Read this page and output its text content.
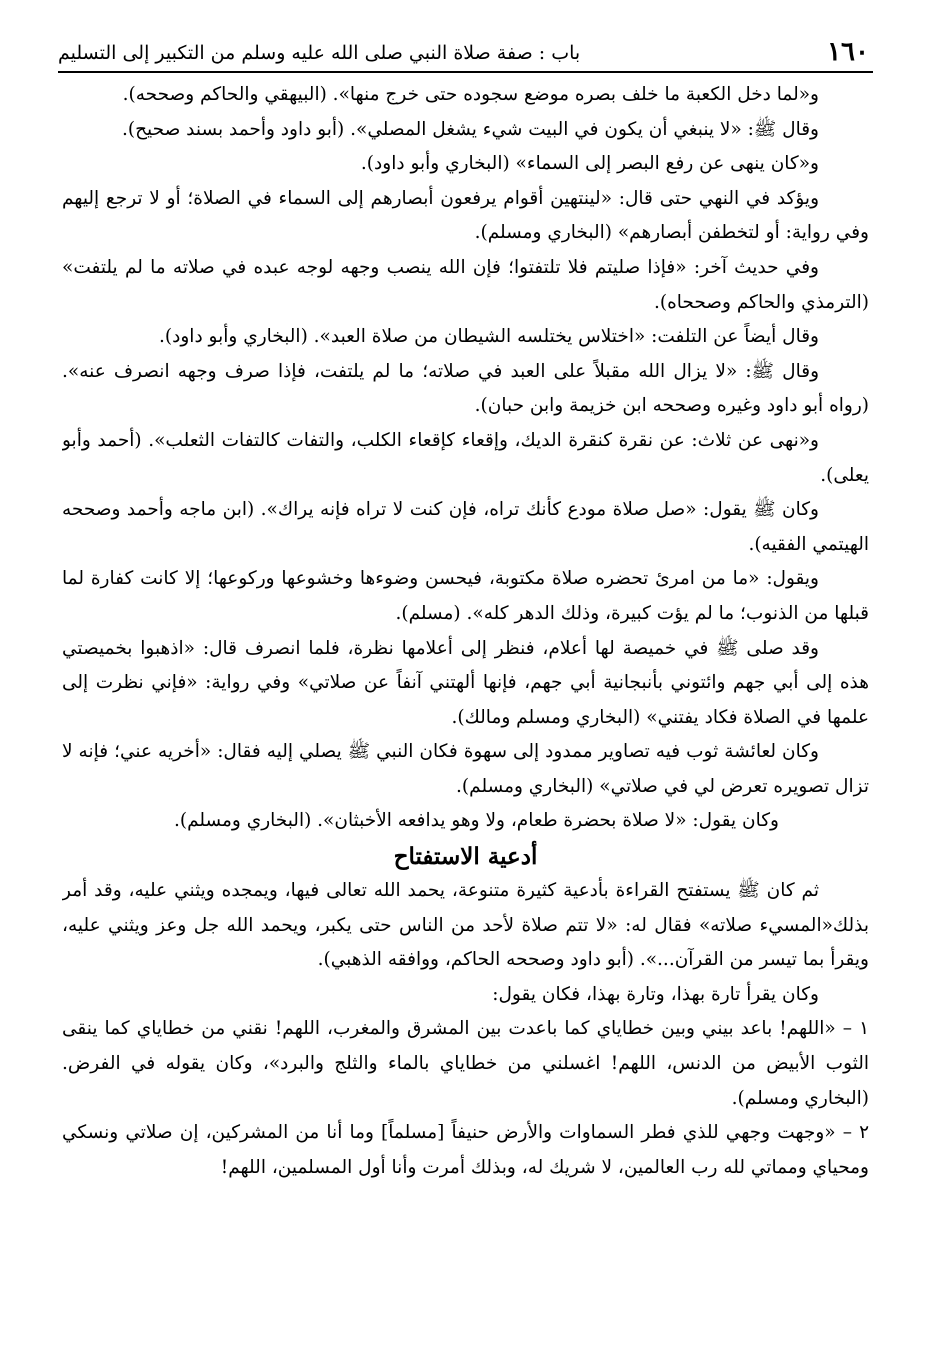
١٦٠
باب : صفة صلاة النبي صلى الله عليه وسلم من التكبير إلى التسليم

و«لما دخل الكعبة ما خلف بصره موضع سجوده حتى خرج منها». (البيهقي والحاكم وصححه).

وقال ﷺ: «لا ينبغي أن يكون في البيت شيء يشغل المصلي». (أبو داود وأحمد بسند صحيح).

و«كان ينهى عن رفع البصر إلى السماء» (البخاري وأبو داود).

ويؤكد في النهي حتى قال: «لينتهين أقوام يرفعون أبصارهم إلى السماء في الصلاة؛ أو لا ترجع إليهم وفي رواية: أو لتخطفن أبصارهم» (البخاري ومسلم).

وفي حديث آخر: «فإذا صليتم فلا تلتفتوا؛ فإن الله ينصب وجهه لوجه عبده في صلاته ما لم يلتفت» (الترمذي والحاكم وصححاه).

وقال أيضاً عن التلفت: «اختلاس يختلسه الشيطان من صلاة العبد». (البخاري وأبو داود).

وقال ﷺ: «لا يزال الله مقبلاً على العبد في صلاته؛ ما لم يلتفت، فإذا صرف وجهه انصرف عنه». (رواه أبو داود وغيره وصححه ابن خزيمة وابن حبان).

و«نهى عن ثلاث: عن نقرة كنقرة الديك، وإقعاء كإقعاء الكلب، والتفات كالتفات الثعلب». (أحمد وأبو يعلى).

وكان ﷺ يقول: «صل صلاة مودع كأنك تراه، فإن كنت لا تراه فإنه يراك». (ابن ماجه وأحمد وصححه الهيتمي الفقيه).

ويقول: «ما من امرئ تحضره صلاة مكتوبة، فيحسن وضوءها وخشوعها وركوعها؛ إلا كانت كفارة لما قبلها من الذنوب؛ ما لم يؤت كبيرة، وذلك الدهر كله». (مسلم).

وقد صلى ﷺ في خميصة لها أعلام، فنظر إلى أعلامها نظرة، فلما انصرف قال: «اذهبوا بخميصتي هذه إلى أبي جهم وائتوني بأنبجانية أبي جهم، فإنها ألهتني آنفاً عن صلاتي» وفي رواية: «فإني نظرت إلى علمها في الصلاة فكاد يفتني» (البخاري ومسلم ومالك).

وكان لعائشة ثوب فيه تصاوير ممدود إلى سهوة فكان النبي ﷺ يصلي إليه فقال: «أخريه عني؛ فإنه لا تزال تصويره تعرض لي في صلاتي» (البخاري ومسلم).

وكان يقول: «لا صلاة بحضرة طعام، ولا وهو يدافعه الأخبثان». (البخاري ومسلم).

أدعية الاستفتاح

ثم كان ﷺ يستفتح القراءة بأدعية كثيرة متنوعة، يحمد الله تعالى فيها، ويمجده ويثني عليه، وقد أمر بذلك«المسيء صلاته» فقال له: «لا تتم صلاة لأحد من الناس حتى يكبر، ويحمد الله جل وعز ويثني عليه، ويقرأ بما تيسر من القرآن...». (أبو داود وصححه الحاكم، ووافقه الذهبي).

وكان يقرأ تارة بهذا، وتارة بهذا، فكان يقول:

١ – «اللهم! باعد بيني وبين خطاياي كما باعدت بين المشرق والمغرب، اللهم! نقني من خطاياي كما ينقى الثوب الأبيض من الدنس، اللهم! اغسلني من خطاياي بالماء والثلج والبرد»، وكان يقوله في الفرض. (البخاري ومسلم).

٢ – «وجهت وجهي للذي فطر السماوات والأرض حنيفاً [مسلماً] وما أنا من المشركين، إن صلاتي ونسكي ومحياي ومماتي لله رب العالمين، لا شريك له، وبذلك أمرت وأنا أول المسلمين، اللهم!
